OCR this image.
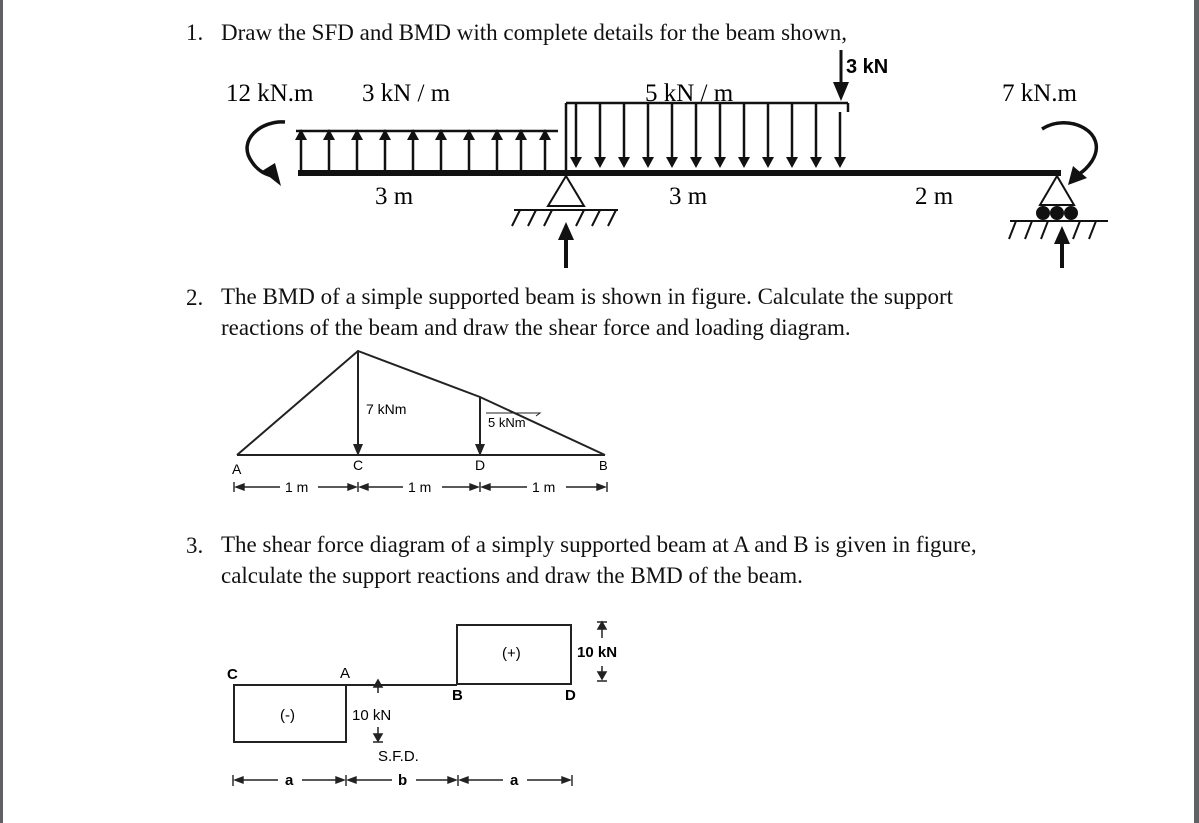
1. Draw the SFD and BMD with complete details for the beam shown,
12 kN.m 3 kN / m	5 kN / m
3 kN
7 kN.m
3 m	3 m	2 m
2. The BMD of a simple supported beam is shown in figure. Calculate the support
reactions of the beam and draw the shear force and loading diagram.
7 kNm
5 kNm
A	C	D	B
1 m	1 m	1 m
3. The shear force diagram of a simply supported beam at A and B is given in figure,
calculate the support reactions and draw the BMD of the beam.
C	A
B	D
(-)
(+)
10 kN
10 kN
S.F.D.
a	b	a
